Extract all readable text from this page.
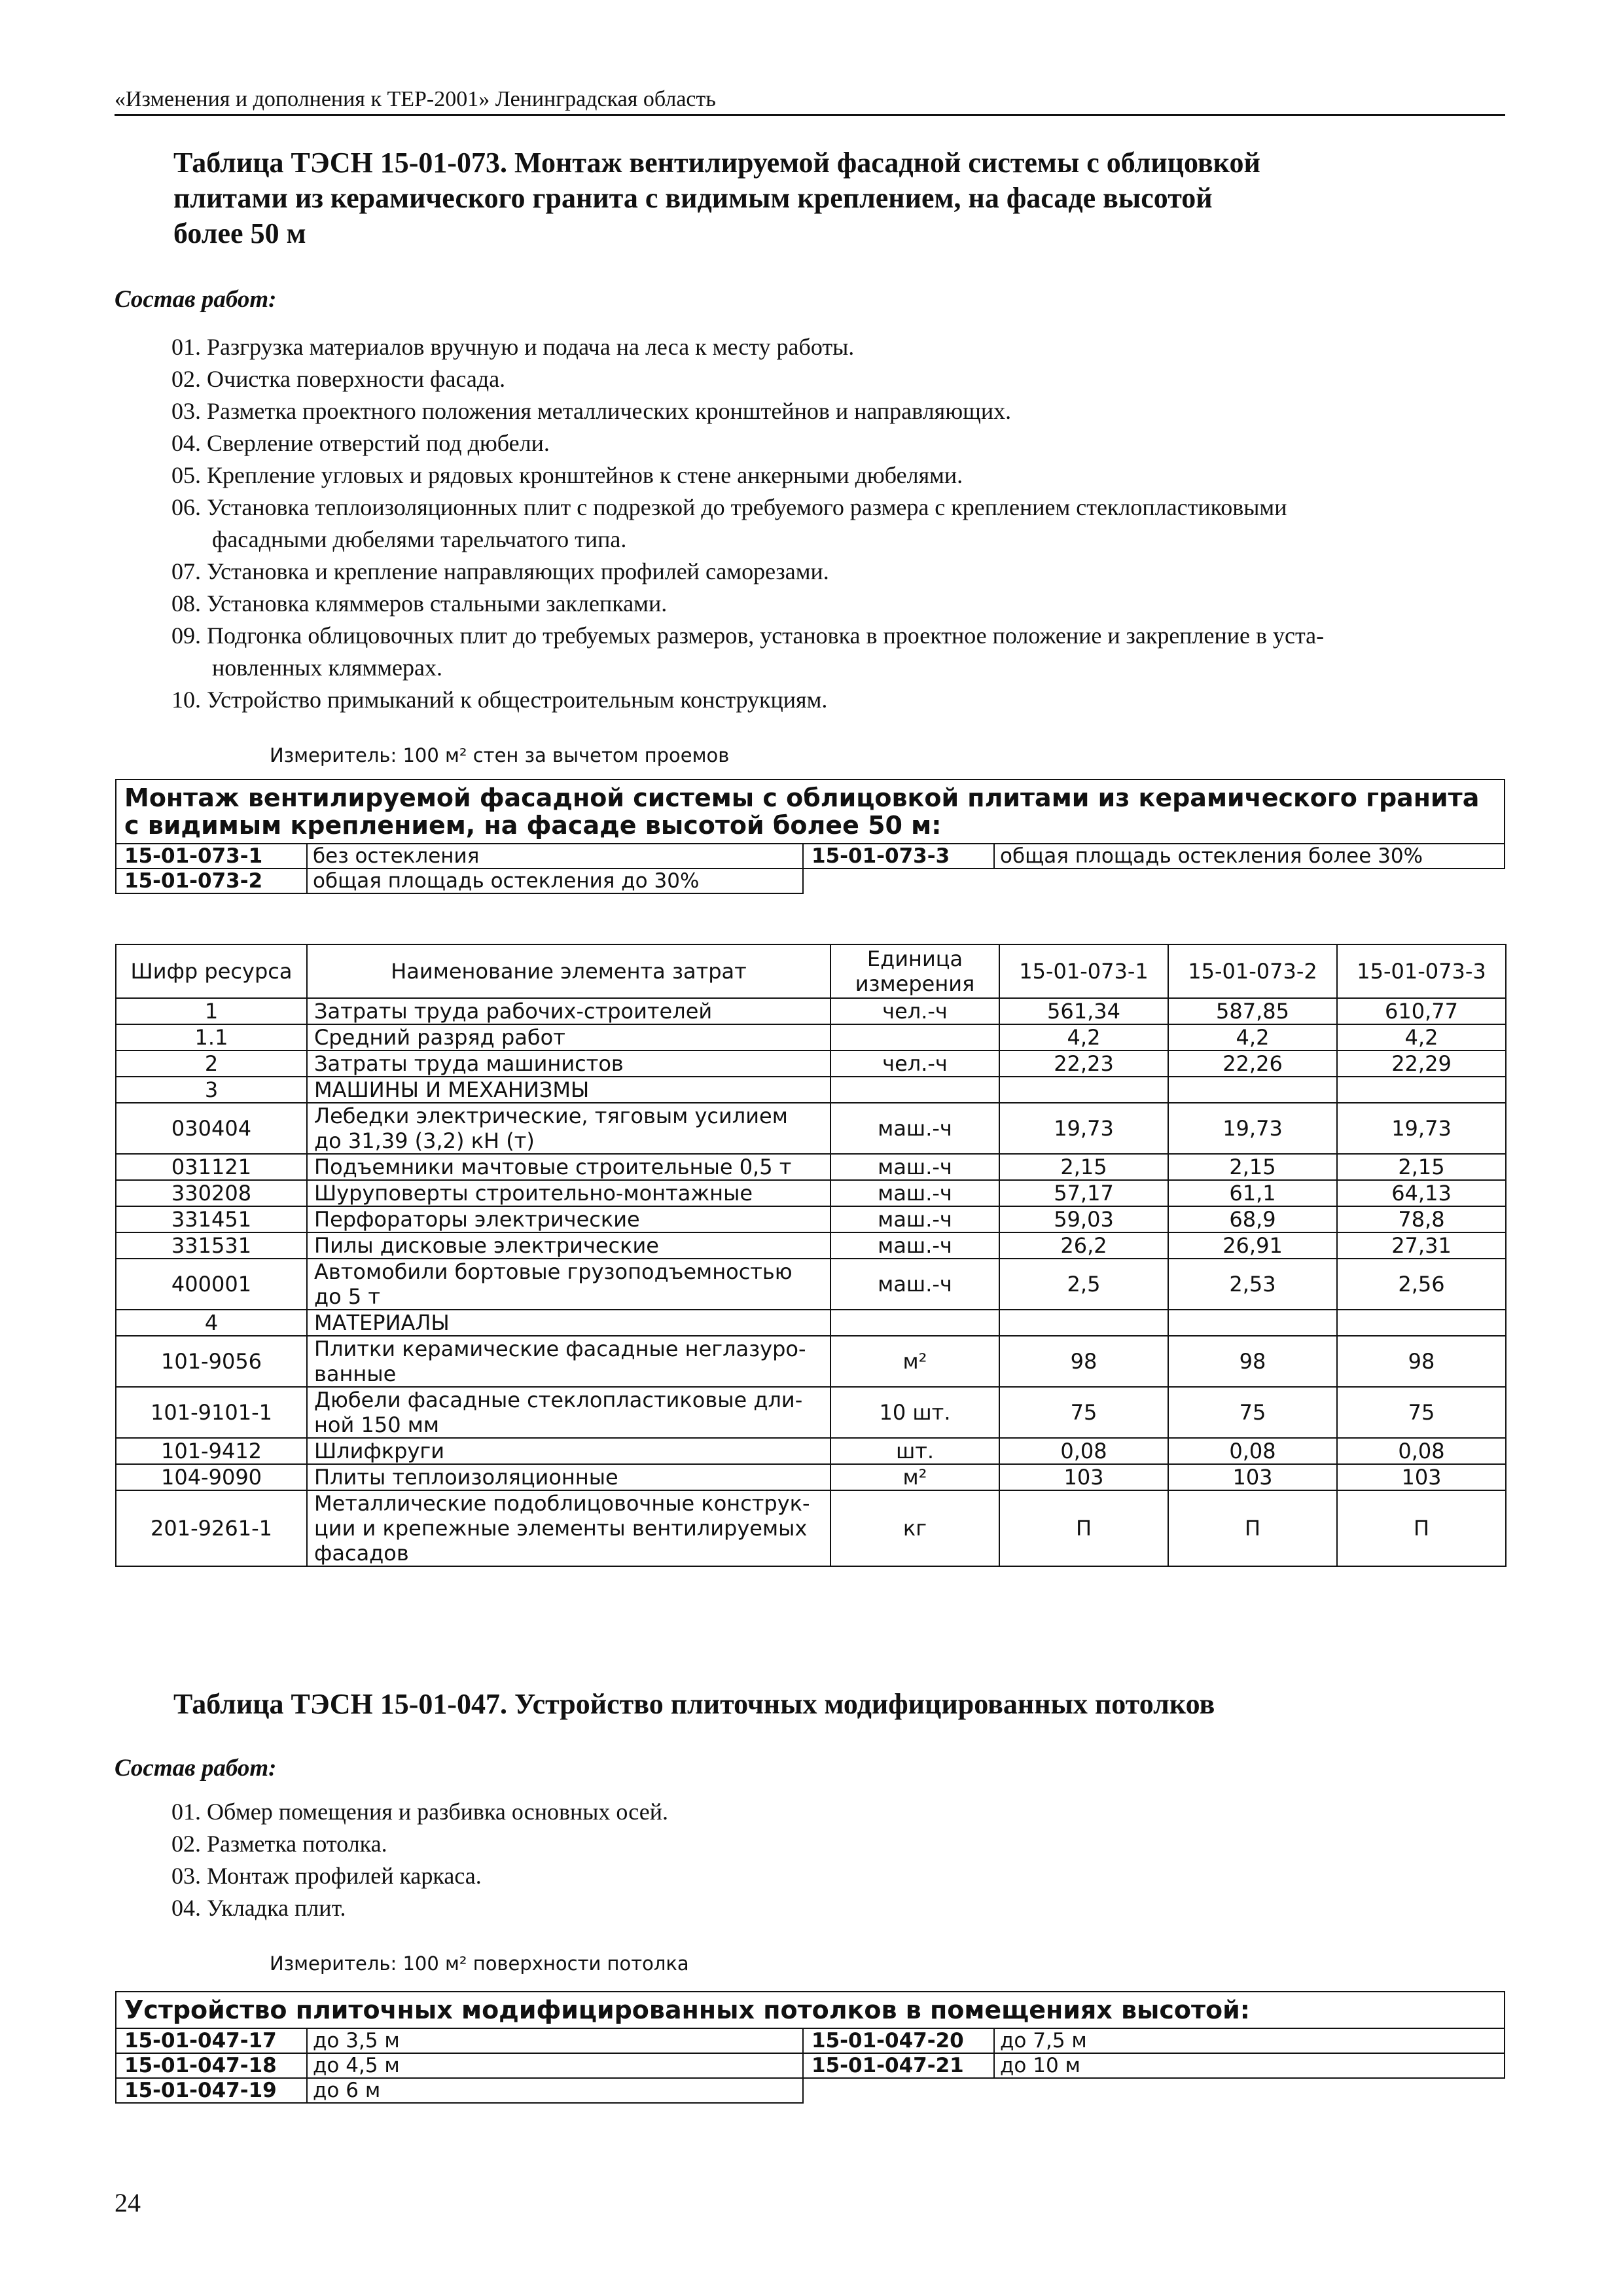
«Изменения и дополнения к ТЕР-2001» Ленинградская область
Таблица ТЭСН 15-01-073. Монтаж вентилируемой фасадной системы с облицовкой
плитами из керамического гранита с видимым креплением, на фасаде высотой
более 50 м
Состав работ:
01. Разгрузка материалов вручную и подача на леса к месту работы.
02. Очистка поверхности фасада.
03. Разметка проектного положения металлических кронштейнов и направляющих.
04. Сверление отверстий под дюбели.
05. Крепление угловых и рядовых кронштейнов к стене анкерными дюбелями.
06. Установка теплоизоляционных плит с подрезкой до требуемого размера с креплением стеклопластиковыми
фасадными дюбелями тарельчатого типа.
07. Установка и крепление направляющих профилей саморезами.
08. Установка кляммеров стальными заклепками.
09. Подгонка облицовочных плит до требуемых размеров, установка в проектное положение и закрепление в уста-
новленных кляммерах.
10. Устройство примыканий к общестроительным конструкциям.
Измеритель: 100 м² стен за вычетом проемов
Монтаж вентилируемой фасадной системы с облицовкой плитами из керамического гранита
с видимым креплением, на фасаде высотой более 50 м:			

15-01-073-1	без остекления	15-01-073-3	общая площадь остекления более 30%
15-01-073-2	общая площадь остекления до 30%		
Шифр ресурса	Наименование элемента затрат	Единица измерения	15-01-073-1	15-01-073-2	15-01-073-3
1	Затраты труда рабочих-строителей	чел.-ч	561,34	587,85	610,77
1.1	Средний разряд работ		4,2	4,2	4,2
2	Затраты труда машинистов	чел.-ч	22,23	22,26	22,29
3	МАШИНЫ И МЕХАНИЗМЫ				
030404	Лебедки электрические, тяговым усилием
до 31,39 (3,2) кН (т)	маш.-ч	19,73	19,73	19,73
031121	Подъемники мачтовые строительные 0,5 т	маш.-ч	2,15	2,15	2,15
330208	Шуруповерты строительно-монтажные	маш.-ч	57,17	61,1	64,13
331451	Перфораторы электрические	маш.-ч	59,03	68,9	78,8
331531	Пилы дисковые электрические	маш.-ч	26,2	26,91	27,31
400001	Автомобили бортовые грузоподъемностью
до 5 т	маш.-ч	2,5	2,53	2,56
4	МАТЕРИАЛЫ				
101-9056	Плитки керамические фасадные неглазуро-
ванные	м²	98	98	98
101-9101-1	Дюбели фасадные стеклопластиковые дли-
ной 150 мм	10 шт.	75	75	75
101-9412	Шлифкруги	шт.	0,08	0,08	0,08
104-9090	Плиты теплоизоляционные	м²	103	103	103
201-9261-1	Металлические подоблицовочные конструк-
ции и крепежные элементы вентилируемых
фасадов	кг	П	П	П
Таблица ТЭСН 15-01-047. Устройство плиточных модифицированных потолков
Состав работ:
01. Обмер помещения и разбивка основных осей.
02. Разметка потолка.
03. Монтаж профилей каркаса.
04. Укладка плит.
Измеритель: 100 м² поверхности потолка
Устройство плиточных модифицированных потолков в помещениях высотой:			
15-01-047-17	до 3,5 м	15-01-047-20	до 7,5 м
15-01-047-18	до 4,5 м	15-01-047-21	до 10 м
15-01-047-19	до 6 м		
24
